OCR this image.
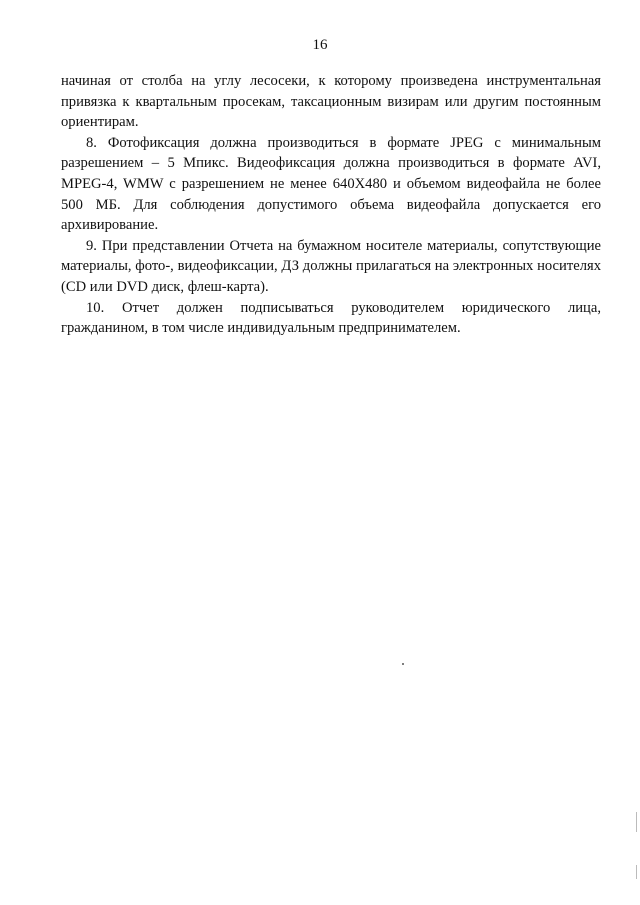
16

начиная от столба на углу лесосеки, к которому произведена инструментальная привязка к квартальным просекам, таксационным визирам или другим постоянным ориентирам.

8. Фотофиксация должна производиться в формате JPEG с минимальным разрешением – 5 Мпикс. Видеофиксация должна производиться в формате AVI, MPEG-4, WMW с разрешением не менее 640X480 и объемом видеофайла не более 500 МБ. Для соблюдения допустимого объема видеофайла допускается его архивирование.

9. При представлении Отчета на бумажном носителе материалы, сопутствующие материалы, фото-, видеофиксации, ДЗ должны прилагаться на электронных носителях (CD или DVD диск, флеш-карта).

10. Отчет должен подписываться руководителем юридического лица, гражданином, в том числе индивидуальным предпринимателем.
